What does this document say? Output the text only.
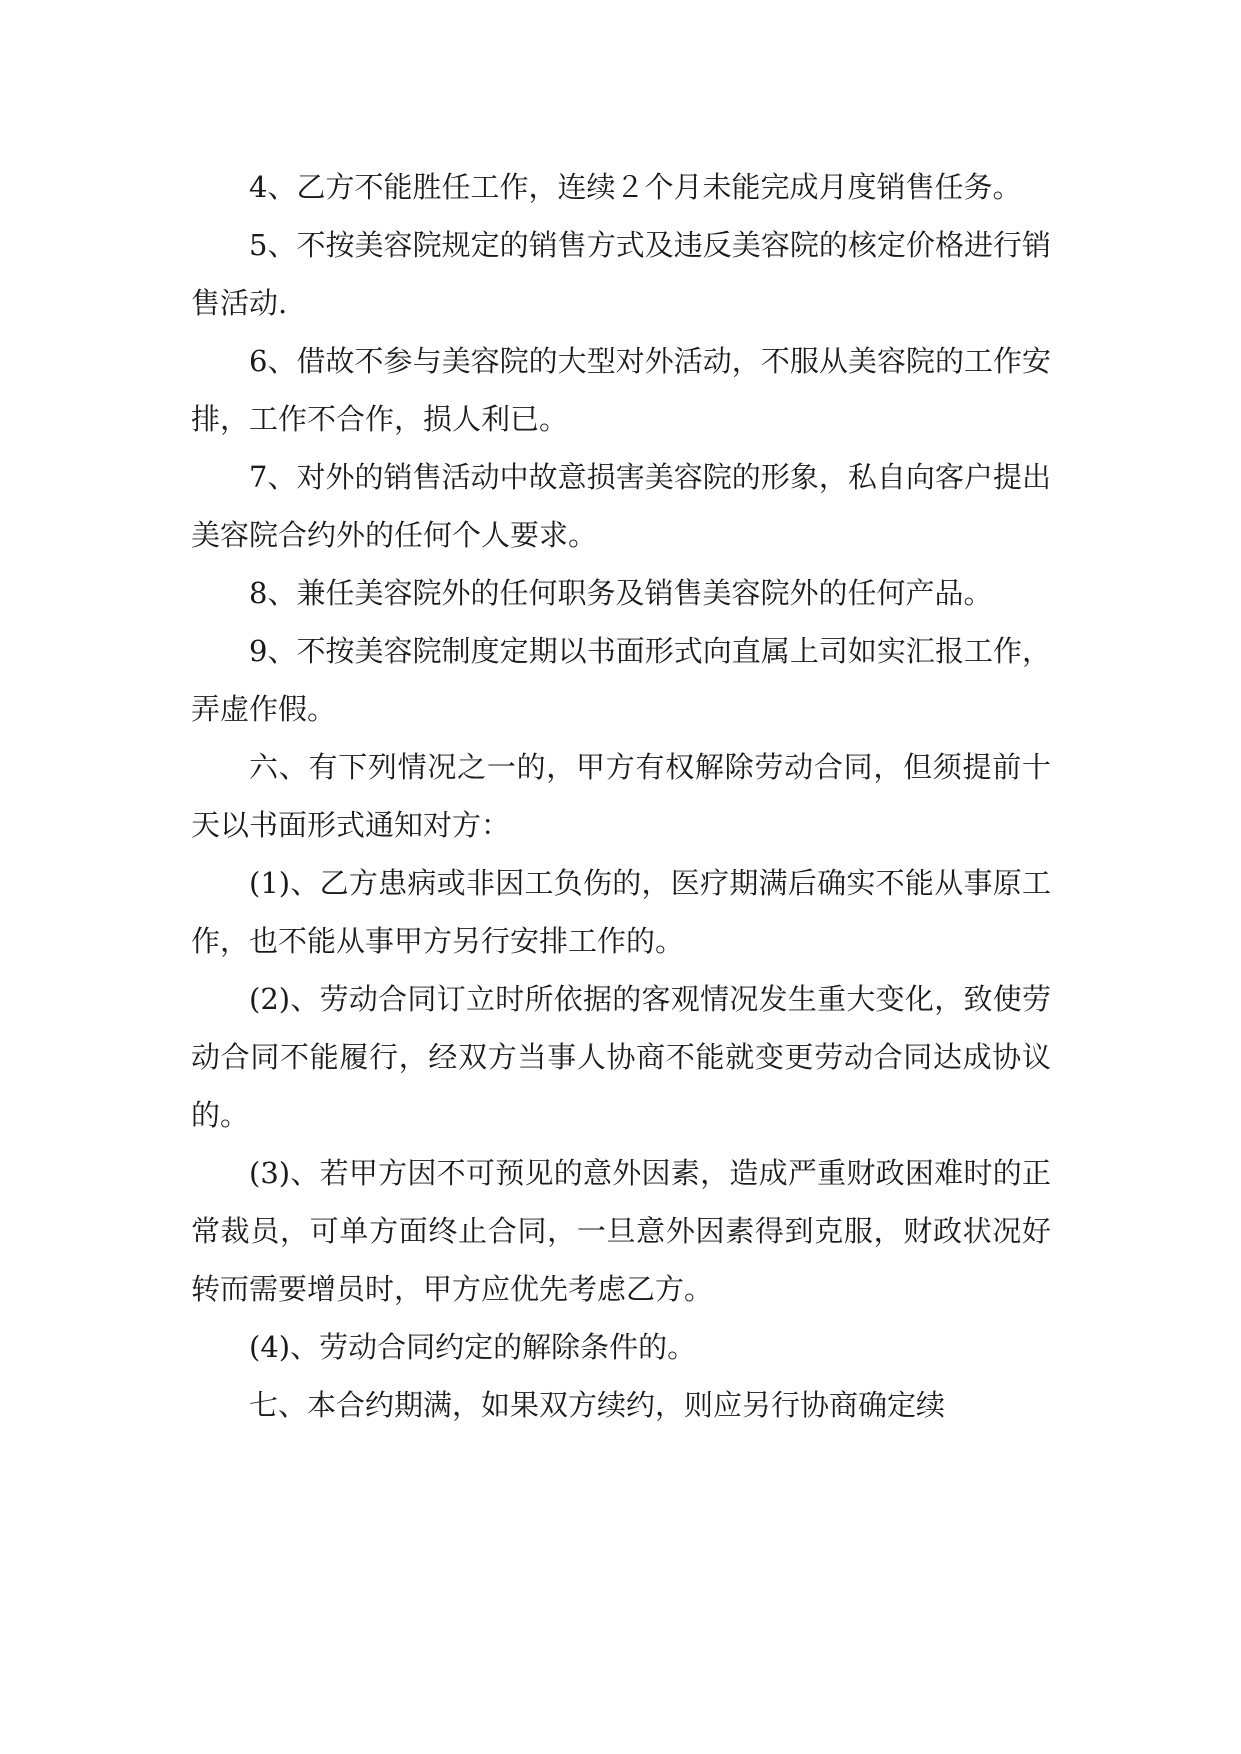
4、乙方不能胜任工作，连续２个月未能完成月度销售任务。

5、不按美容院规定的销售方式及违反美容院的核定价格进行销售活动.

6、借故不参与美容院的大型对外活动，不服从美容院的工作安排，工作不合作，损人利已。

7、对外的销售活动中故意损害美容院的形象，私自向客户提出美容院合约外的任何个人要求。

8、兼任美容院外的任何职务及销售美容院外的任何产品。

9、不按美容院制度定期以书面形式向直属上司如实汇报工作，弄虚作假。

六、有下列情况之一的，甲方有权解除劳动合同，但须提前十天以书面形式通知对方：

(1)、乙方患病或非因工负伤的，医疗期满后确实不能从事原工作，也不能从事甲方另行安排工作的。

(2)、劳动合同订立时所依据的客观情况发生重大变化，致使劳动合同不能履行，经双方当事人协商不能就变更劳动合同达成协议的。

(3)、若甲方因不可预见的意外因素，造成严重财政困难时的正常裁员，可单方面终止合同，一旦意外因素得到克服，财政状况好转而需要增员时，甲方应优先考虑乙方。

(4)、劳动合同约定的解除条件的。

七、本合约期满，如果双方续约，则应另行协商确定续
